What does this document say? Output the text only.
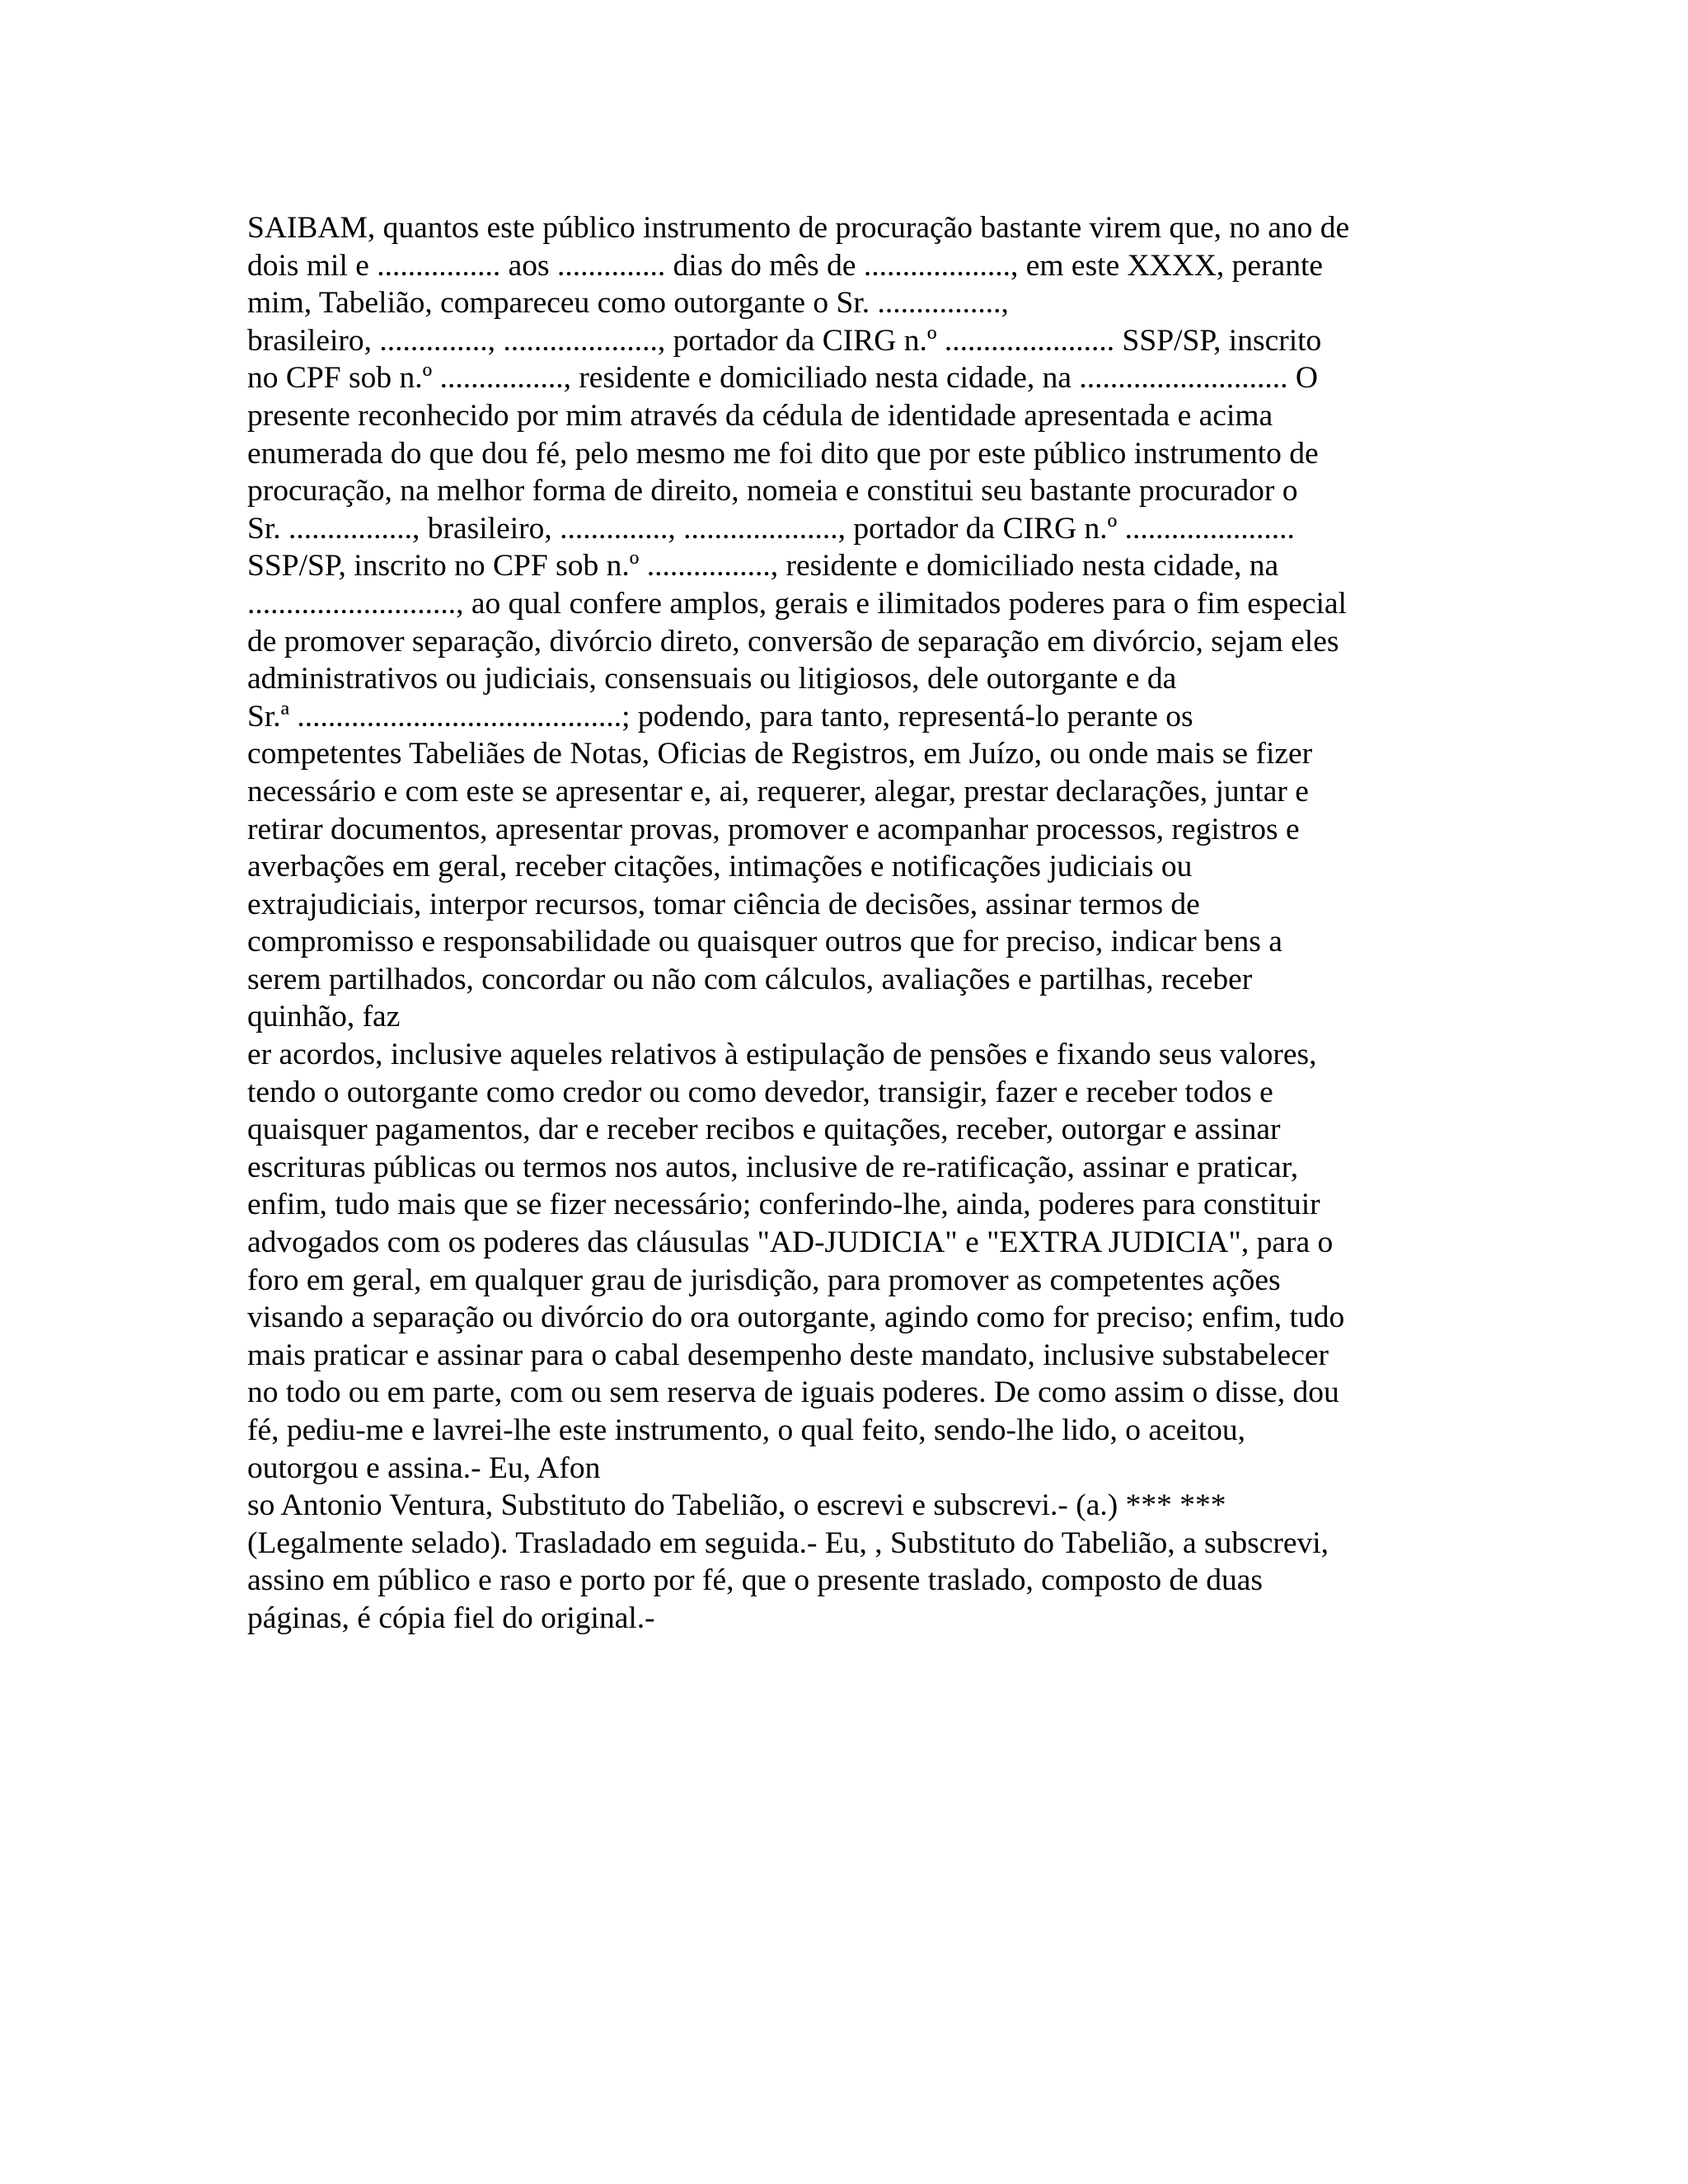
SAIBAM, quantos este público instrumento de procuração bastante virem que, no ano de
dois mil e ................ aos .............. dias do mês de ..................., em este XXXX, perante
mim, Tabelião, compareceu como outorgante o Sr. ................,
brasileiro, .............., ...................., portador da CIRG n.º ...................... SSP/SP, inscrito
no CPF sob n.º ................, residente e domiciliado nesta cidade, na ........................... O
presente reconhecido por mim através da cédula de identidade apresentada e acima
enumerada do que dou fé, pelo mesmo me foi dito que por este público instrumento de
procuração, na melhor forma de direito, nomeia e constitui seu bastante procurador o
Sr. ................, brasileiro, .............., ...................., portador da CIRG n.º ......................
SSP/SP, inscrito no CPF sob n.º ................, residente e domiciliado nesta cidade, na
..........................., ao qual confere amplos, gerais e ilimitados poderes para o fim especial
de promover separação, divórcio direto, conversão de separação em divórcio, sejam eles
administrativos ou judiciais, consensuais ou litigiosos, dele outorgante e da
Sr.ª ..........................................; podendo, para tanto, representá-lo perante os
competentes Tabeliães de Notas, Oficias de Registros, em Juízo, ou onde mais se fizer
necessário e com este se apresentar e, ai, requerer, alegar, prestar declarações, juntar e
retirar documentos, apresentar provas, promover e acompanhar processos, registros e
averbações em geral, receber citações, intimações e notificações judiciais ou
extrajudiciais, interpor recursos, tomar ciência de decisões, assinar termos de
compromisso e responsabilidade ou quaisquer outros que for preciso, indicar bens a
serem partilhados, concordar ou não com cálculos, avaliações e partilhas, receber
quinhão, faz
er acordos, inclusive aqueles relativos à estipulação de pensões e fixando seus valores,
tendo o outorgante como credor ou como devedor, transigir, fazer e receber todos e
quaisquer pagamentos, dar e receber recibos e quitações, receber, outorgar e assinar
escrituras públicas ou termos nos autos, inclusive de re-ratificação, assinar e praticar,
enfim, tudo mais que se fizer necessário; conferindo-lhe, ainda, poderes para constituir
advogados com os poderes das cláusulas "AD-JUDICIA" e "EXTRA JUDICIA", para o
foro em geral, em qualquer grau de jurisdição, para promover as competentes ações
visando a separação ou divórcio do ora outorgante, agindo como for preciso; enfim, tudo
mais praticar e assinar para o cabal desempenho deste mandato, inclusive substabelecer
no todo ou em parte, com ou sem reserva de iguais poderes. De como assim o disse, dou
fé, pediu-me e lavrei-lhe este instrumento, o qual feito, sendo-lhe lido, o aceitou,
outorgou e assina.- Eu, Afon
so Antonio Ventura, Substituto do Tabelião, o escrevi e subscrevi.- (a.) *** ***
(Legalmente selado). Trasladado em seguida.- Eu, , Substituto do Tabelião, a subscrevi,
assino em público e raso e porto por fé, que o presente traslado, composto de duas
páginas, é cópia fiel do original.-
